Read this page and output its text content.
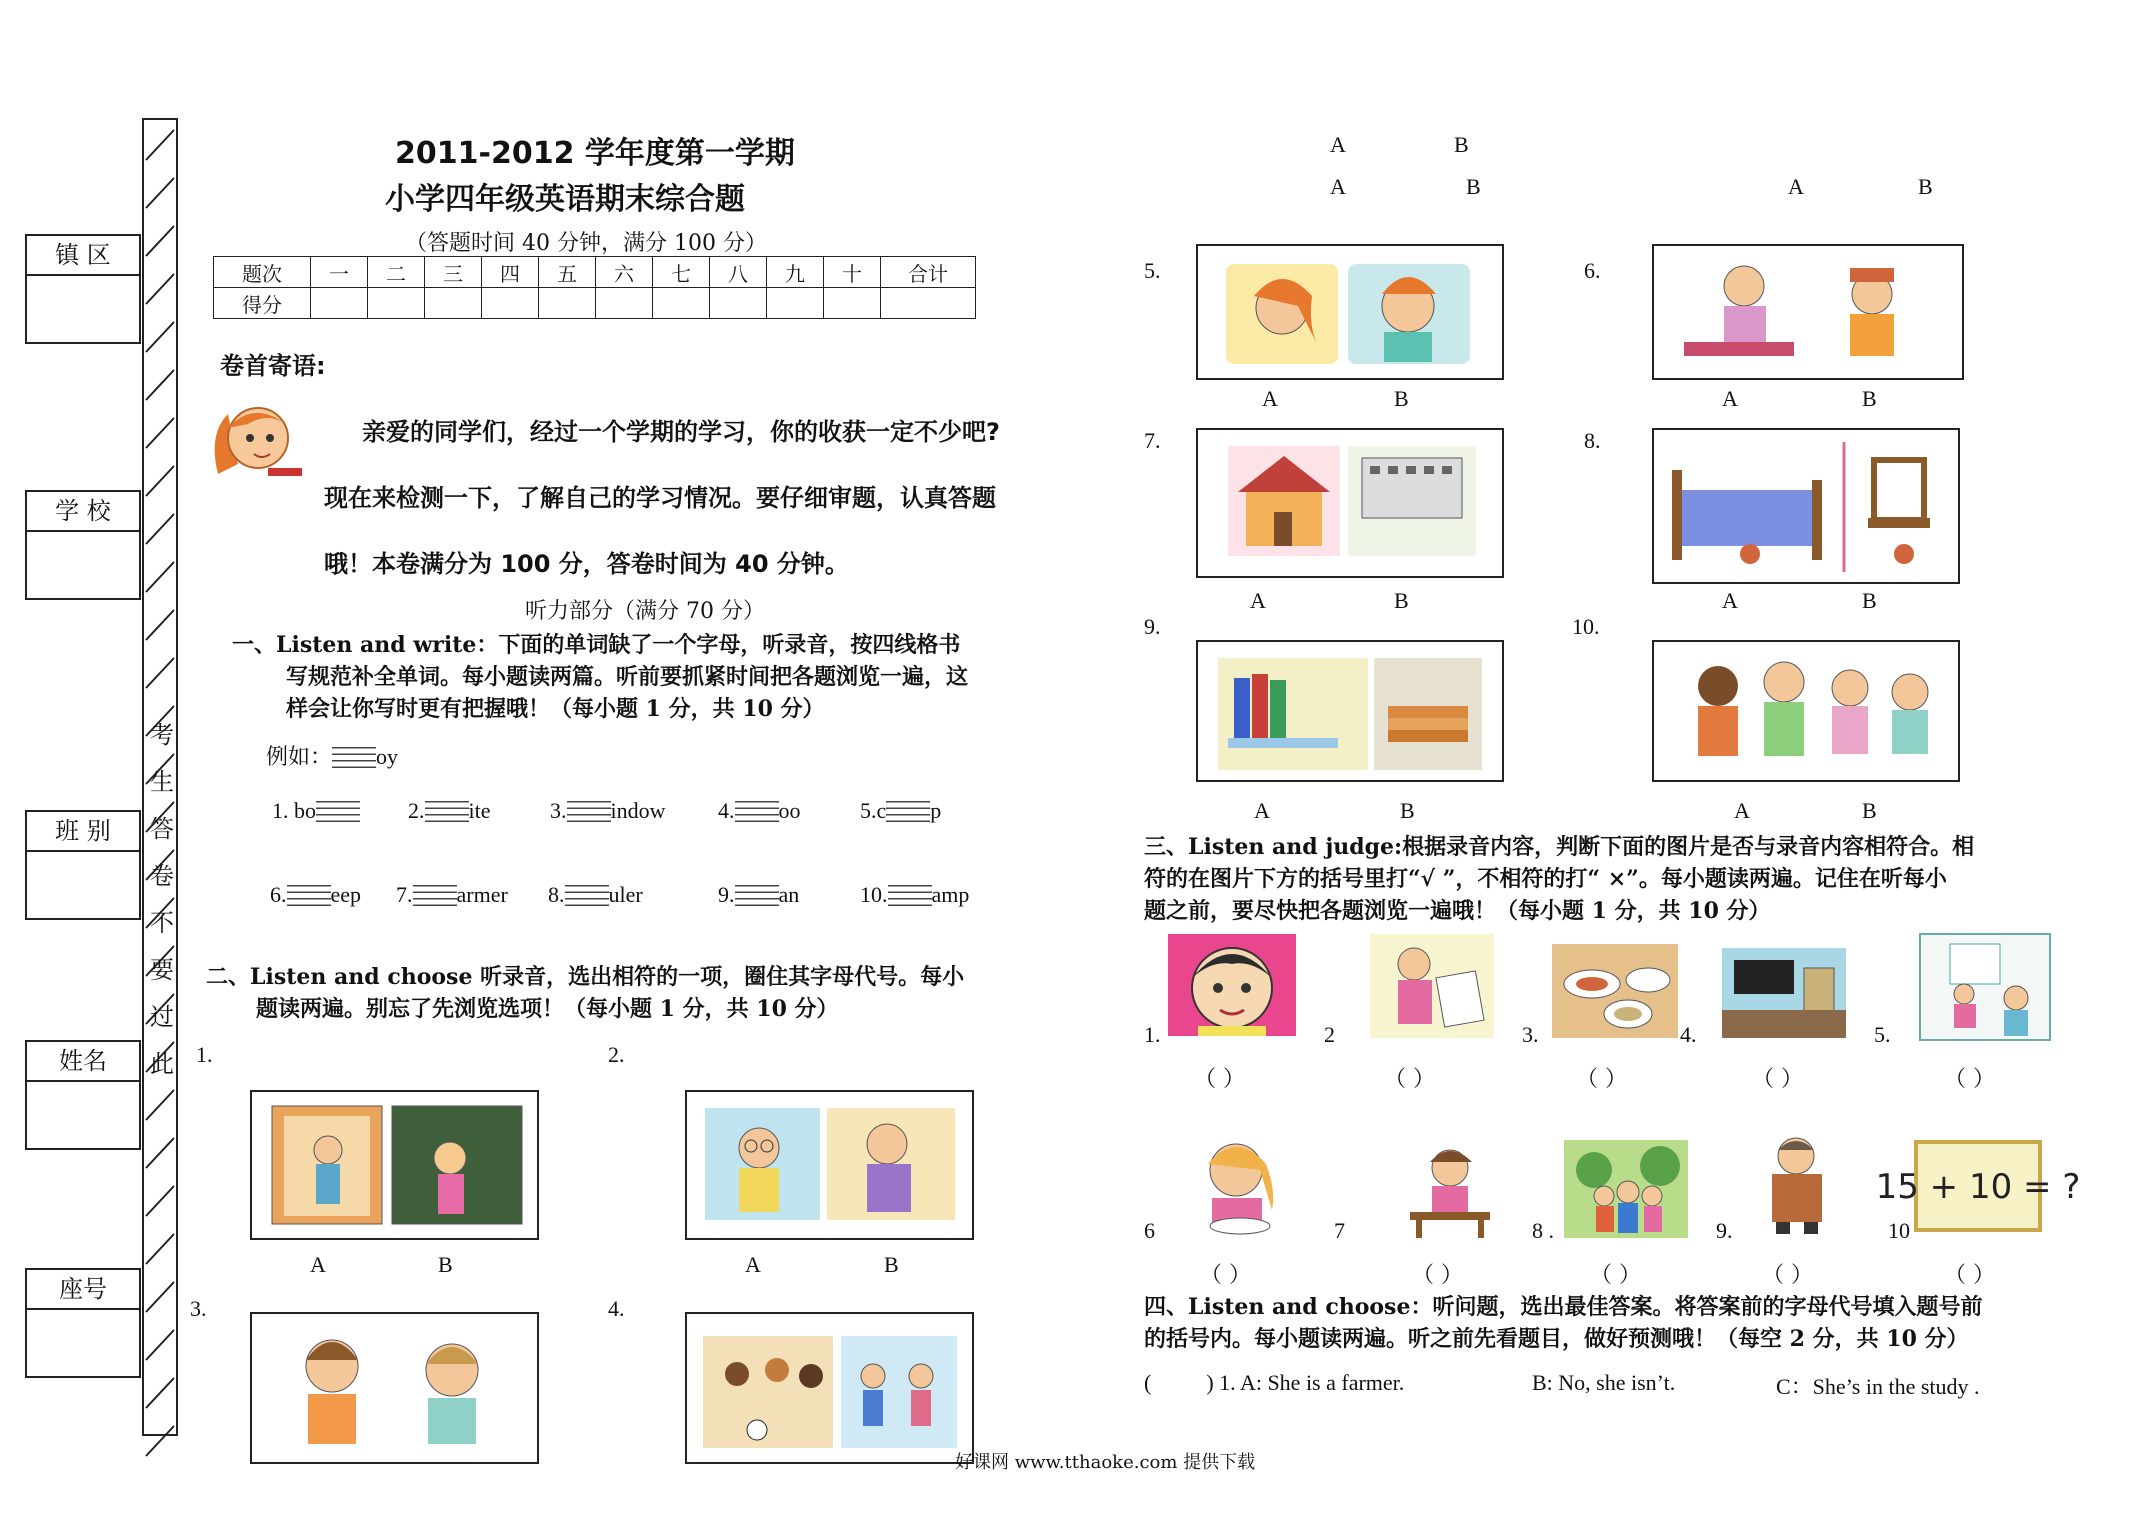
镇 区
学 校
班 别
姓名
座号
考
生
答
卷
不
要
过
此
2011-2012 学年度第一学期
小学四年级英语期末综合题
（答题时间 40 分钟，满分 100 分）
题次	一	二	三	四	五	六	七	八	九	十	合计
得分											
卷首寄语:
亲爱的同学们，经过一个学期的学习，你的收获一定不少吧?
现在来检测一下，了解自己的学习情况。要仔细审题，认真答题
哦！本卷满分为 100 分，答卷时间为 40 分钟。
听力部分（满分 70 分）
一、Listen and write：下面的单词缺了一个字母，听录音，按四线格书
写规范补全单词。每小题读两篇。听前要抓紧时间把各题浏览一遍，这
样会让你写时更有把握哦！（每小题 1 分，共 10 分）
例如： oy
1. bo	2. ite	3. indow 4. oo	5.c p
6. eep 7. armer 8. uler	9. an	10. amp
二、Listen and choose 听录音，选出相符的一项，圈住其字母代号。每小
题读两遍。别忘了先浏览选项！（每小题 1 分，共 10 分）
1.	2.
A	B	A	B
3.	4.
A	B
A	B	A	B
5.	6.
A	B	A	B
7.	8.
A	B	A	B
9.	10.
A	B	A	B
三、Listen and judge:根据录音内容，判断下面的图片是否与录音内容相符合。相
符的在图片下方的括号里打“√ ”，不相符的打“ ×”。每小题读两遍。记住在听每小
题之前，要尽快把各题浏览一遍哦！（每小题 1 分，共 10 分）
1.	2	3.	4.	5.
（ ）	（ ）	（ ）	（ ）	（ ）
15 + 10 = ?
6	7	8 .	9.	10
（ ）	（ ）	（ ）	（ ）	（ ）
四、Listen and choose：听问题，选出最佳答案。将答案前的字母代号填入题号前
的括号内。每小题读两遍。听之前先看题目，做好预测哦！（每空 2 分，共 10 分）
(          ) 1. A: She is a farmer.	B: No, she isn’t.	C：She’s in the study .
好课网 www.tthaoke.com 提供下载
